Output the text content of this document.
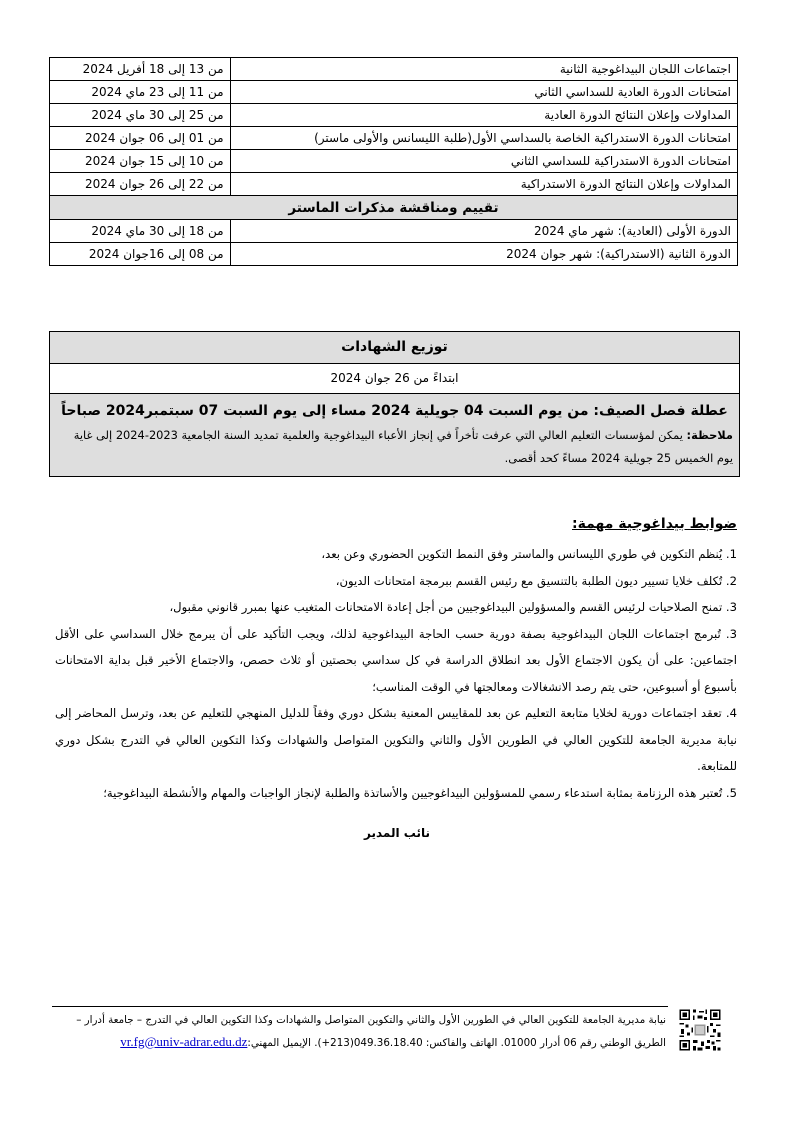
اجتماعات اللجان البيداغوجية الثانية	من 13 إلى 18 أفريل 2024
امتحانات الدورة العادية للسداسي الثاني	من 11 إلى 23 ماي 2024
المداولات وإعلان النتائج الدورة العادية	من 25 إلى 30 ماي 2024
امتحانات الدورة الاستدراكية الخاصة بالسداسي الأول(طلبة الليسانس والأولى ماستر)	من 01 إلى 06 جوان 2024
امتحانات الدورة الاستدراكية للسداسي الثاني	من 10 إلى 15 جوان 2024
المداولات وإعلان النتائج الدورة الاستدراكية	من 22 إلى 26 جوان 2024
تقييم ومناقشة مذكرات الماستر	
الدورة الأولى (العادية): شهر ماي 2024	من 18 إلى 30 ماي 2024
الدورة الثانية (الاستدراكية): شهر جوان 2024	من 08 إلى 16جوان 2024
توزيع الشهادات
ابتداءً من 26 جوان 2024
عطلة فصل الصيف: من يوم السبت 04 جويلية 2024 مساء إلى يوم السبت 07 سبتمبر2024 صباحاً
ملاحظة: يمكن لمؤسسات التعليم العالي التي عرفت تأخراً في إنجاز الأعباء البيداغوجية والعلمية تمديد السنة الجامعية 2023-2024 إلى غاية يوم الخميس 25 جويلية 2024 مساءً كحد أقصى.
ضوابط بيداغوجية مهمة:
1. يُنظم التكوين في طوري الليسانس والماستر وفق النمط التكوين الحضوري وعن بعد،
2. تُكلف خلايا تسيير ديون الطلبة بالتنسيق مع رئيس القسم ببرمجة امتحانات الديون،
3. تمنح الصلاحيات لرئيس القسم والمسؤولين البيداغوجيين من أجل إعادة الامتحانات المتغيب عنها بمبرر قانوني مقبول،
3. تُبرمج اجتماعات اللجان البيداغوجية بصفة دورية حسب الحاجة البيداغوجية لذلك، ويجب التأكيد على أن يبرمج خلال السداسي على الأقل اجتماعين: على أن يكون الاجتماع الأول بعد انطلاق الدراسة في كل سداسي بحصتين أو ثلاث حصص، والاجتماع الأخير قبل بداية الامتحانات بأسبوع أو أسبوعين، حتى يتم رصد الانشغالات ومعالجتها في الوقت المناسب؛
4. تعقد اجتماعات دورية لخلايا متابعة التعليم عن بعد للمقاييس المعنية بشكل دوري وفقاً للدليل المنهجي للتعليم عن بعد، وترسل المحاضر إلى نيابة مديرية الجامعة للتكوين العالي في الطورين الأول والثاني والتكوين المتواصل والشهادات وكذا التكوين العالي في التدرج بشكل دوري للمتابعة.
5. تُعتبر هذه الرزنامة بمثابة استدعاء رسمي للمسؤولين البيداغوجيين والأساتذة والطلبة لإنجاز الواجبات والمهام والأنشطة البيداغوجية؛
نائب المدير
نيابة مديرية الجامعة للتكوين العالي في الطورين الأول والثاني والتكوين المتواصل والشهادات وكذا التكوين العالي في التدرج – جامعة أدرار –
الطريق الوطني رقم 06 أدرار 01000. الهاتف والفاكس: 049.36.18.40(213+). الإيميل المهني:vr.fg@univ-adrar.edu.dz
